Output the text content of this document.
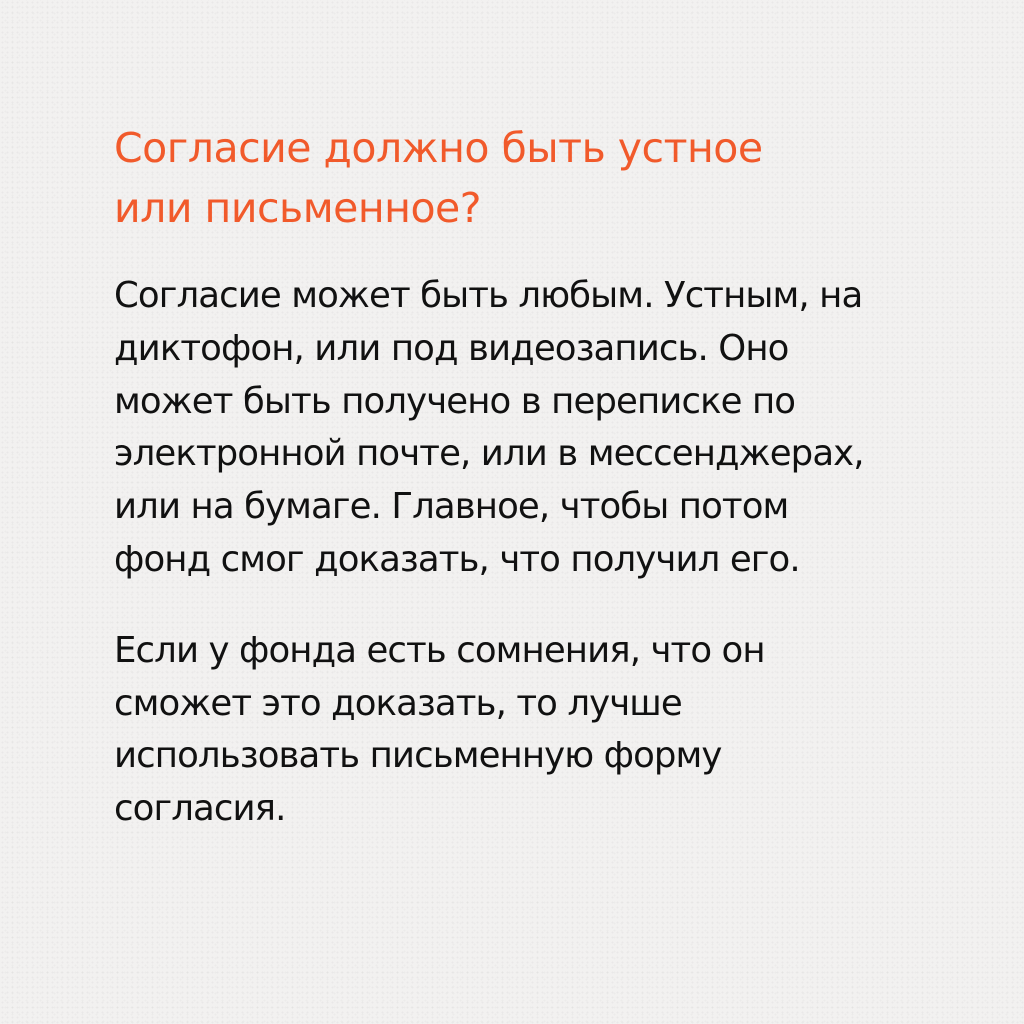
Согласие должно быть устное
или письменное?

Согласие может быть любым. Устным, на
диктофон, или под видеозапись. Оно
может быть получено в переписке по
электронной почте, или в мессенджерах,
или на бумаге. Главное, чтобы потом
фонд смог доказать, что получил его.

Если у фонда есть сомнения, что он
сможет это доказать, то лучше
использовать письменную форму
согласия.
